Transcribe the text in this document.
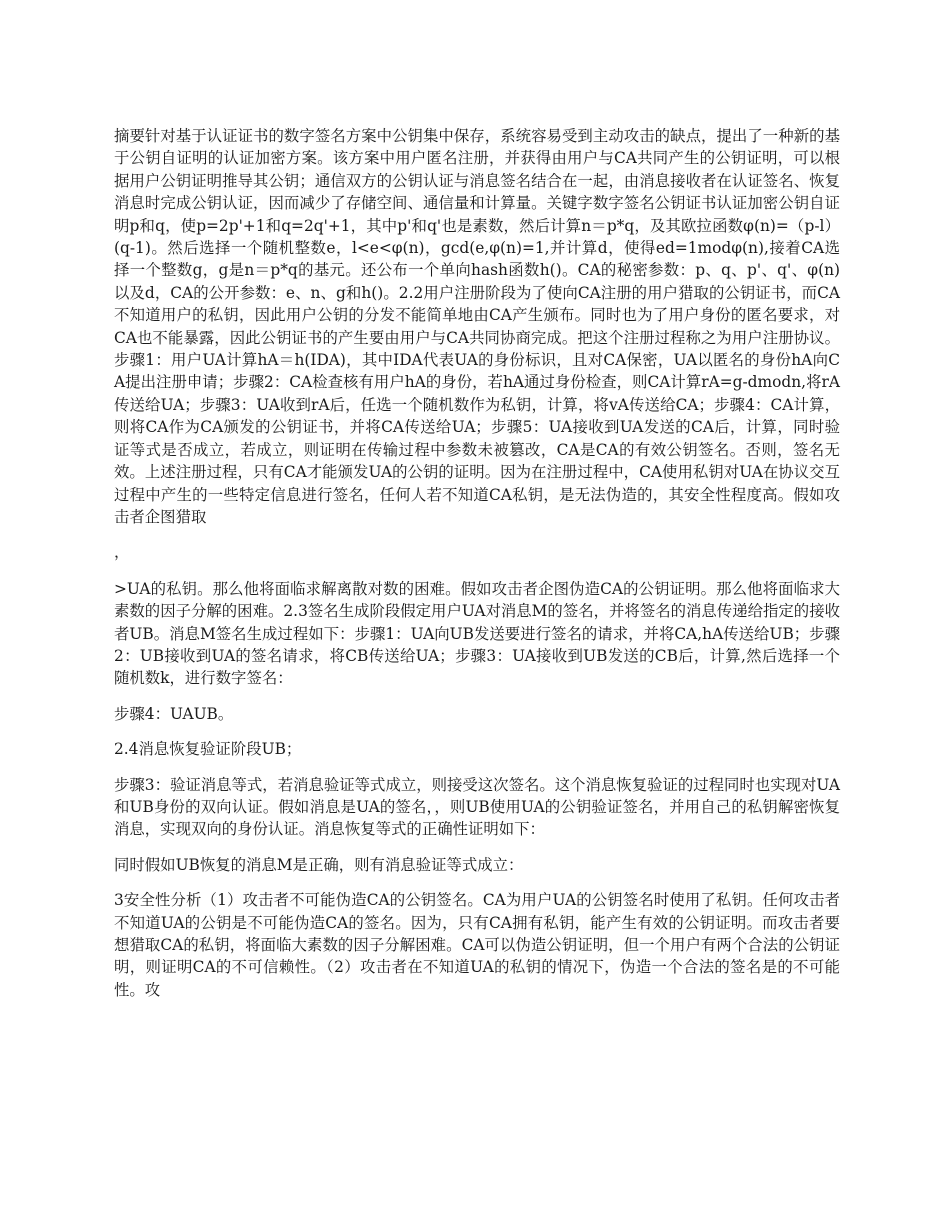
摘要针对基于认证证书的数字签名方案中公钥集中保存，系统容易受到主动攻击的缺点，提出了一种新的基于公钥自证明的认证加密方案。该方案中用户匿名注册，并获得由用户与CA共同产生的公钥证明，可以根据用户公钥证明推导其公钥；通信双方的公钥认证与消息签名结合在一起，由消息接收者在认证签名、恢复消息时完成公钥认证，因而减少了存储空间、通信量和计算量。关键字数字签名公钥证书认证加密公钥自证明p和q，使p=2p'+1和q=2q'+1，其中p'和q'也是素数，然后计算n＝p*q，及其欧拉函数φ(n)=（p-l）(q-1)。然后选择一个随机整数e，l<e<φ(n)，gcd(e,φ(n)=1,并计算d，使得ed=1modφ(n),接着CA选择一个整数g，g是n＝p*q的基元。还公布一个单向hash函数h()。CA的秘密参数：p、q、p'、q'、φ(n)以及d，CA的公开参数：e、n、g和h()。2.2用户注册阶段为了使向CA注册的用户猎取的公钥证书，而CA不知道用户的私钥，因此用户公钥的分发不能简单地由CA产生颁布。同时也为了用户身份的匿名要求，对CA也不能暴露，因此公钥证书的产生要由用户与CA共同协商完成。把这个注册过程称之为用户注册协议。步骤1：用户UA计算hA＝h(IDA)，其中IDA代表UA的身份标识，且对CA保密，UA以匿名的身份hA向CA提出注册申请；步骤2：CA检查核有用户hA的身份，若hA通过身份检查，则CA计算rA=g-dmodn,将rA传送给UA；步骤3：UA收到rA后，任选一个随机数作为私钥，计算，将vA传送给CA；步骤4：CA计算，则将CA作为CA颁发的公钥证书，并将CA传送给UA；步骤5：UA接收到UA发送的CA后，计算，同时验证等式是否成立，若成立，则证明在传输过程中参数未被篡改，CA是CA的有效公钥签名。否则，签名无效。上述注册过程，只有CA才能颁发UA的公钥的证明。因为在注册过程中，CA使用私钥对UA在协议交互过程中产生的一些特定信息进行签名，任何人若不知道CA私钥，是无法伪造的，其安全性程度高。假如攻击者企图猎取

，

>UA的私钥。那么他将面临求解离散对数的困难。假如攻击者企图伪造CA的公钥证明。那么他将面临求大素数的因子分解的困难。2.3签名生成阶段假定用户UA对消息M的签名，并将签名的消息传递给指定的接收者UB。消息M签名生成过程如下：步骤1：UA向UB发送要进行签名的请求，并将CA,hA传送给UB；步骤2：UB接收到UA的签名请求，将CB传送给UA；步骤3：UA接收到UB发送的CB后，计算,然后选择一个随机数k，进行数字签名：

步骤4：UAUB。

2.4消息恢复验证阶段UB；

步骤3：验证消息等式，若消息验证等式成立，则接受这次签名。这个消息恢复验证的过程同时也实现对UA和UB身份的双向认证。假如消息是UA的签名，，则UB使用UA的公钥验证签名，并用自己的私钥解密恢复消息，实现双向的身份认证。消息恢复等式的正确性证明如下：

同时假如UB恢复的消息M是正确，则有消息验证等式成立：

3安全性分析（1）攻击者不可能伪造CA的公钥签名。CA为用户UA的公钥签名时使用了私钥。任何攻击者不知道UA的公钥是不可能伪造CA的签名。因为，只有CA拥有私钥，能产生有效的公钥证明。而攻击者要想猎取CA的私钥，将面临大素数的因子分解困难。CA可以伪造公钥证明，但一个用户有两个合法的公钥证明，则证明CA的不可信赖性。（2）攻击者在不知道UA的私钥的情况下，伪造一个合法的签名是的不可能性。攻
